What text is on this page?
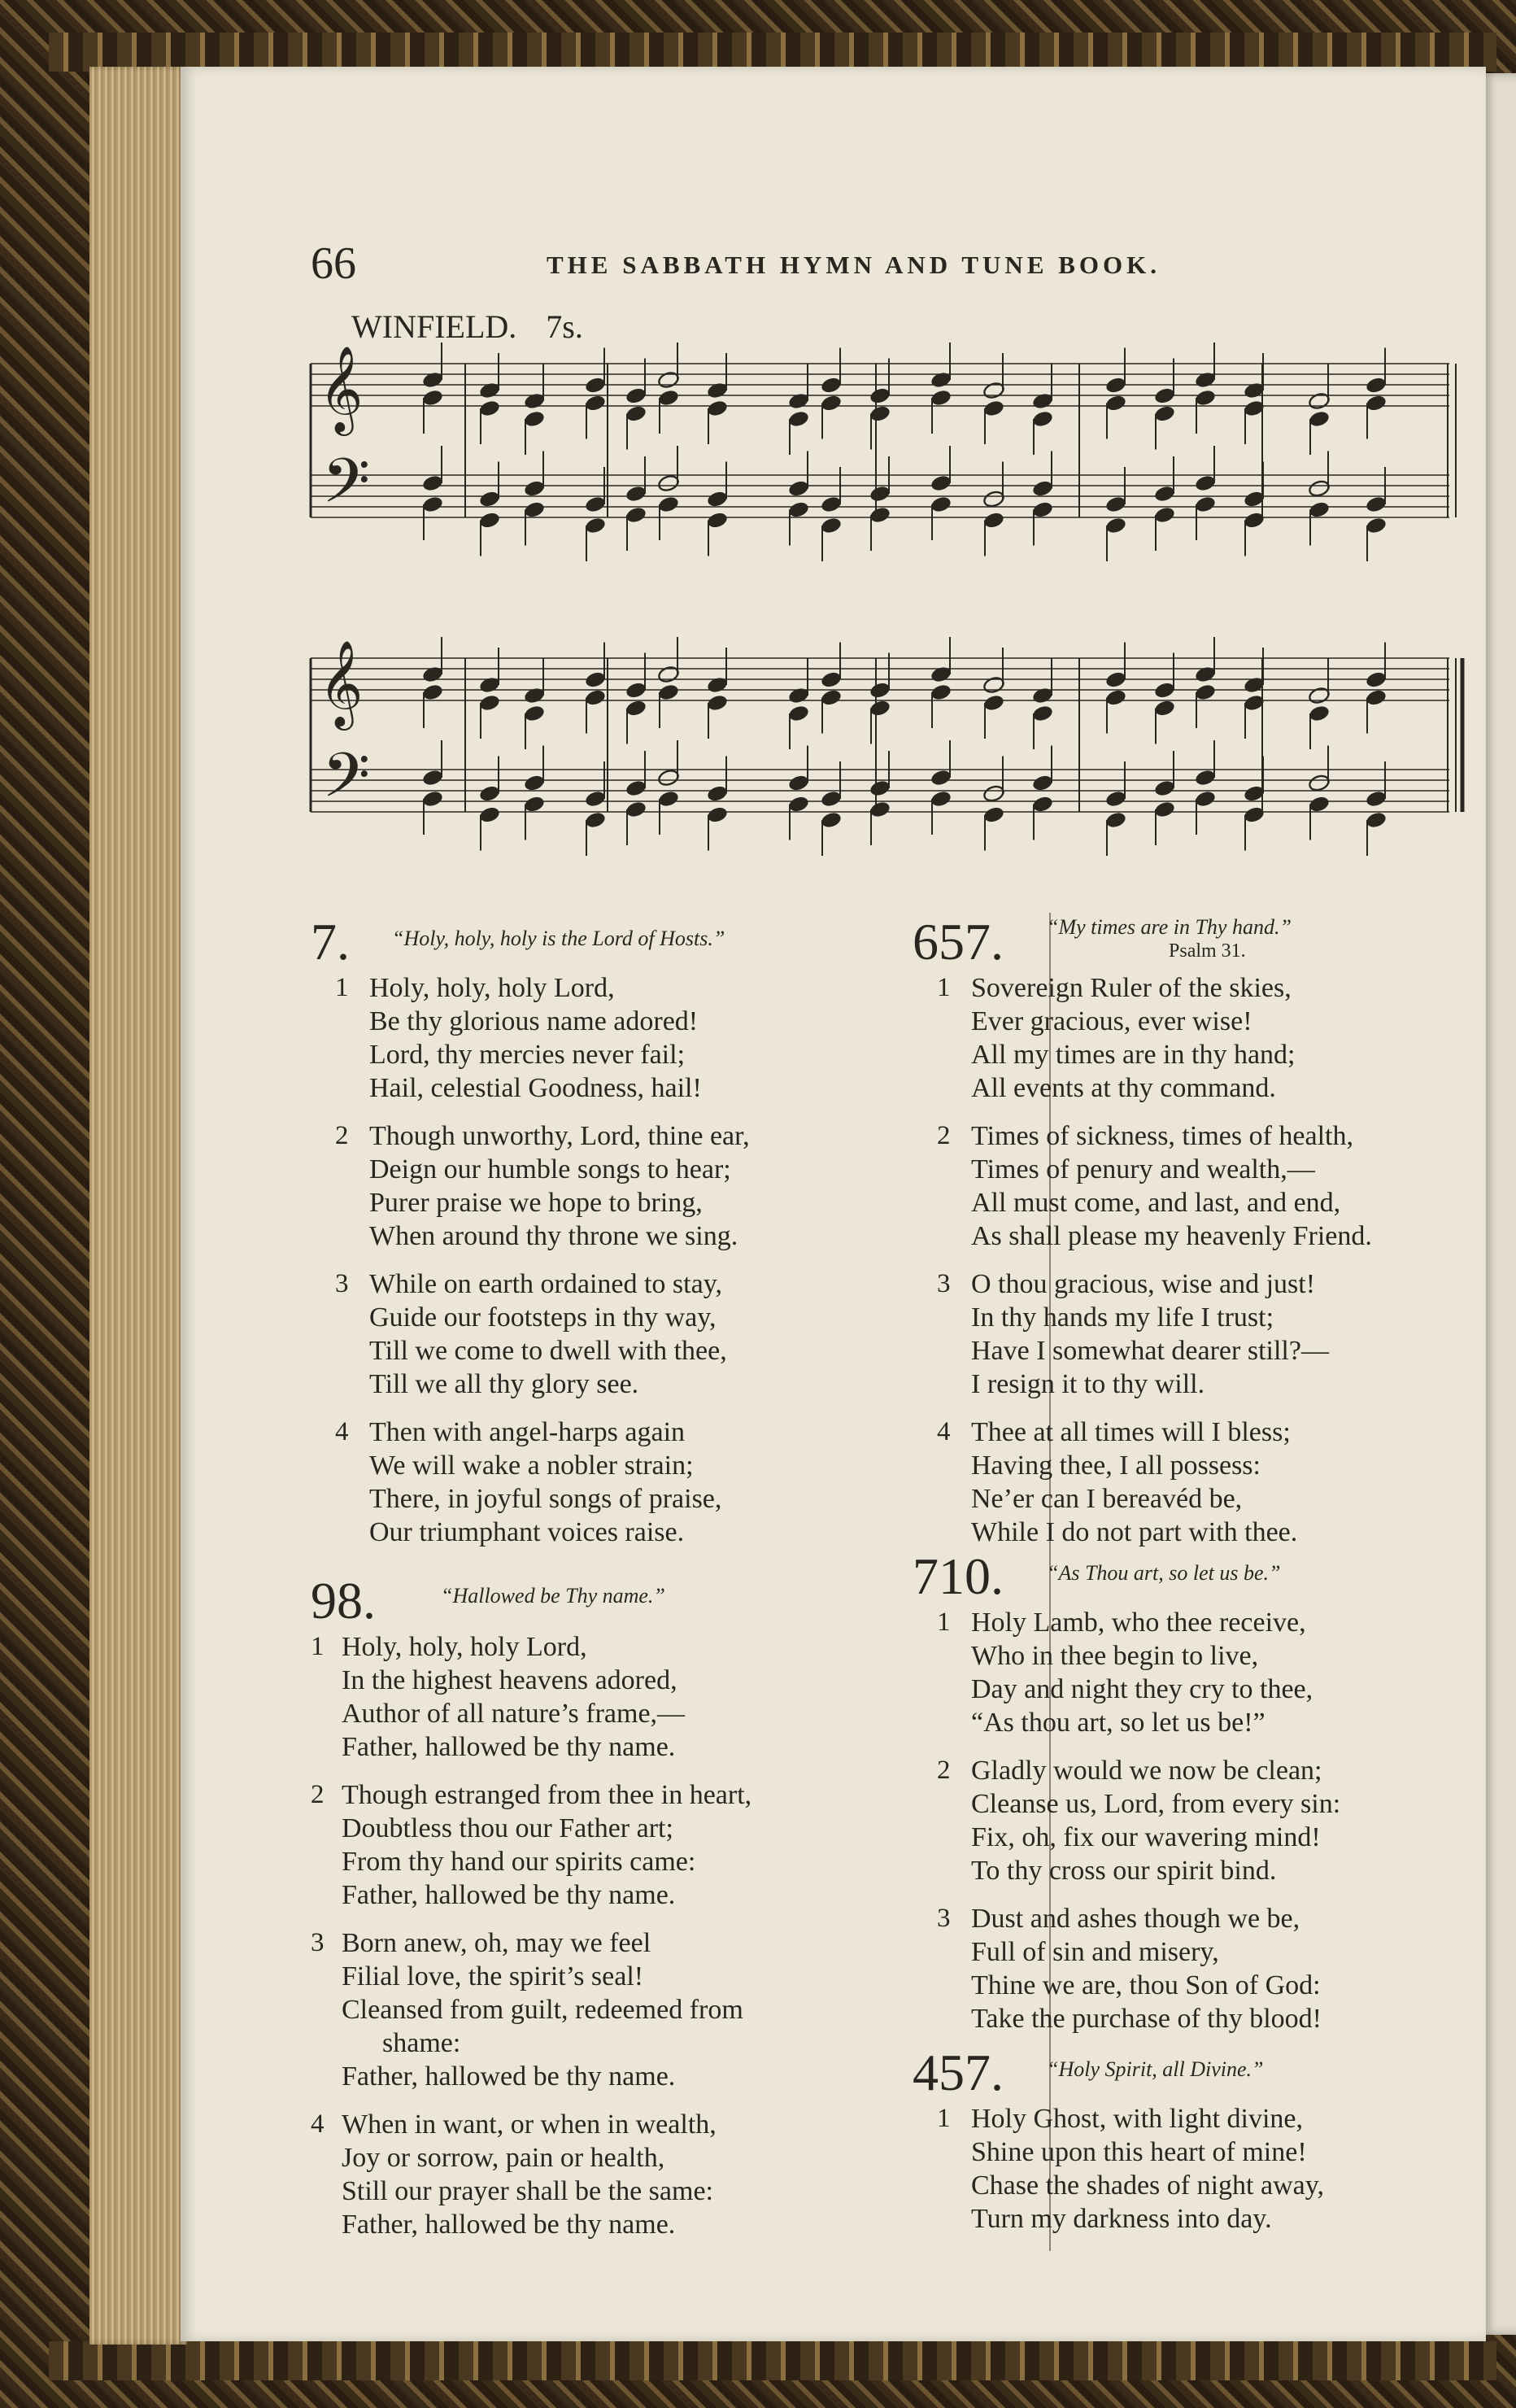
66	THE SABBATH HYMN AND TUNE BOOK.
WINFIELD. 7s.
𝄞
𝄢
𝄞
𝄢
7. “Holy, holy, holy is the Lord of Hosts.”
1 Holy, holy, holy Lord,
Be thy glorious name adored!
Lord, thy mercies never fail;
Hail, celestial Goodness, hail!
2 Though unworthy, Lord, thine ear,
Deign our humble songs to hear;
Purer praise we hope to bring,
When around thy throne we sing.
3 While on earth ordained to stay,
Guide our footsteps in thy way,
Till we come to dwell with thee,
Till we all thy glory see.
4 Then with angel-harps again
We will wake a nobler strain;
There, in joyful songs of praise,
Our triumphant voices raise.
98.	“Hallowed be Thy name.”
1 Holy, holy, holy Lord,
In the highest heavens adored,
Author of all nature’s frame,—
Father, hallowed be thy name.
2 Though estranged from thee in heart,
Doubtless thou our Father art;
From thy hand our spirits came:
Father, hallowed be thy name.
3 Born anew, oh, may we feel
Filial love, the spirit’s seal!
Cleansed from guilt, redeemed from
shame:
Father, hallowed be thy name.
4 When in want, or when in wealth,
Joy or sorrow, pain or health,
Still our prayer shall be the same:
Father, hallowed be thy name.
657. “My times are in Thy hand.”
Psalm 31.
1 Sovereign Ruler of the skies,
Ever gracious, ever wise!
All my times are in thy hand;
All events at thy command.
2 Times of sickness, times of health,
Times of penury and wealth,—
All must come, and last, and end,
As shall please my heavenly Friend.
3 O thou gracious, wise and just!
In thy hands my life I trust;
Have I somewhat dearer still?—
I resign it to thy will.
4 Thee at all times will I bless;
Having thee, I all possess:
Ne’er can I bereavéd be,
While I do not part with thee.
710. “As Thou art, so let us be.”
1 Holy Lamb, who thee receive,
Who in thee begin to live,
Day and night they cry to thee,
“As thou art, so let us be!”
2 Gladly would we now be clean;
Cleanse us, Lord, from every sin:
Fix, oh, fix our wavering mind!
To thy cross our spirit bind.
3 Dust and ashes though we be,
Full of sin and misery,
Thine we are, thou Son of God:
Take the purchase of thy blood!
457. “Holy Spirit, all Divine.”
1 Holy Ghost, with light divine,
Shine upon this heart of mine!
Chase the shades of night away,
Turn my darkness into day.
